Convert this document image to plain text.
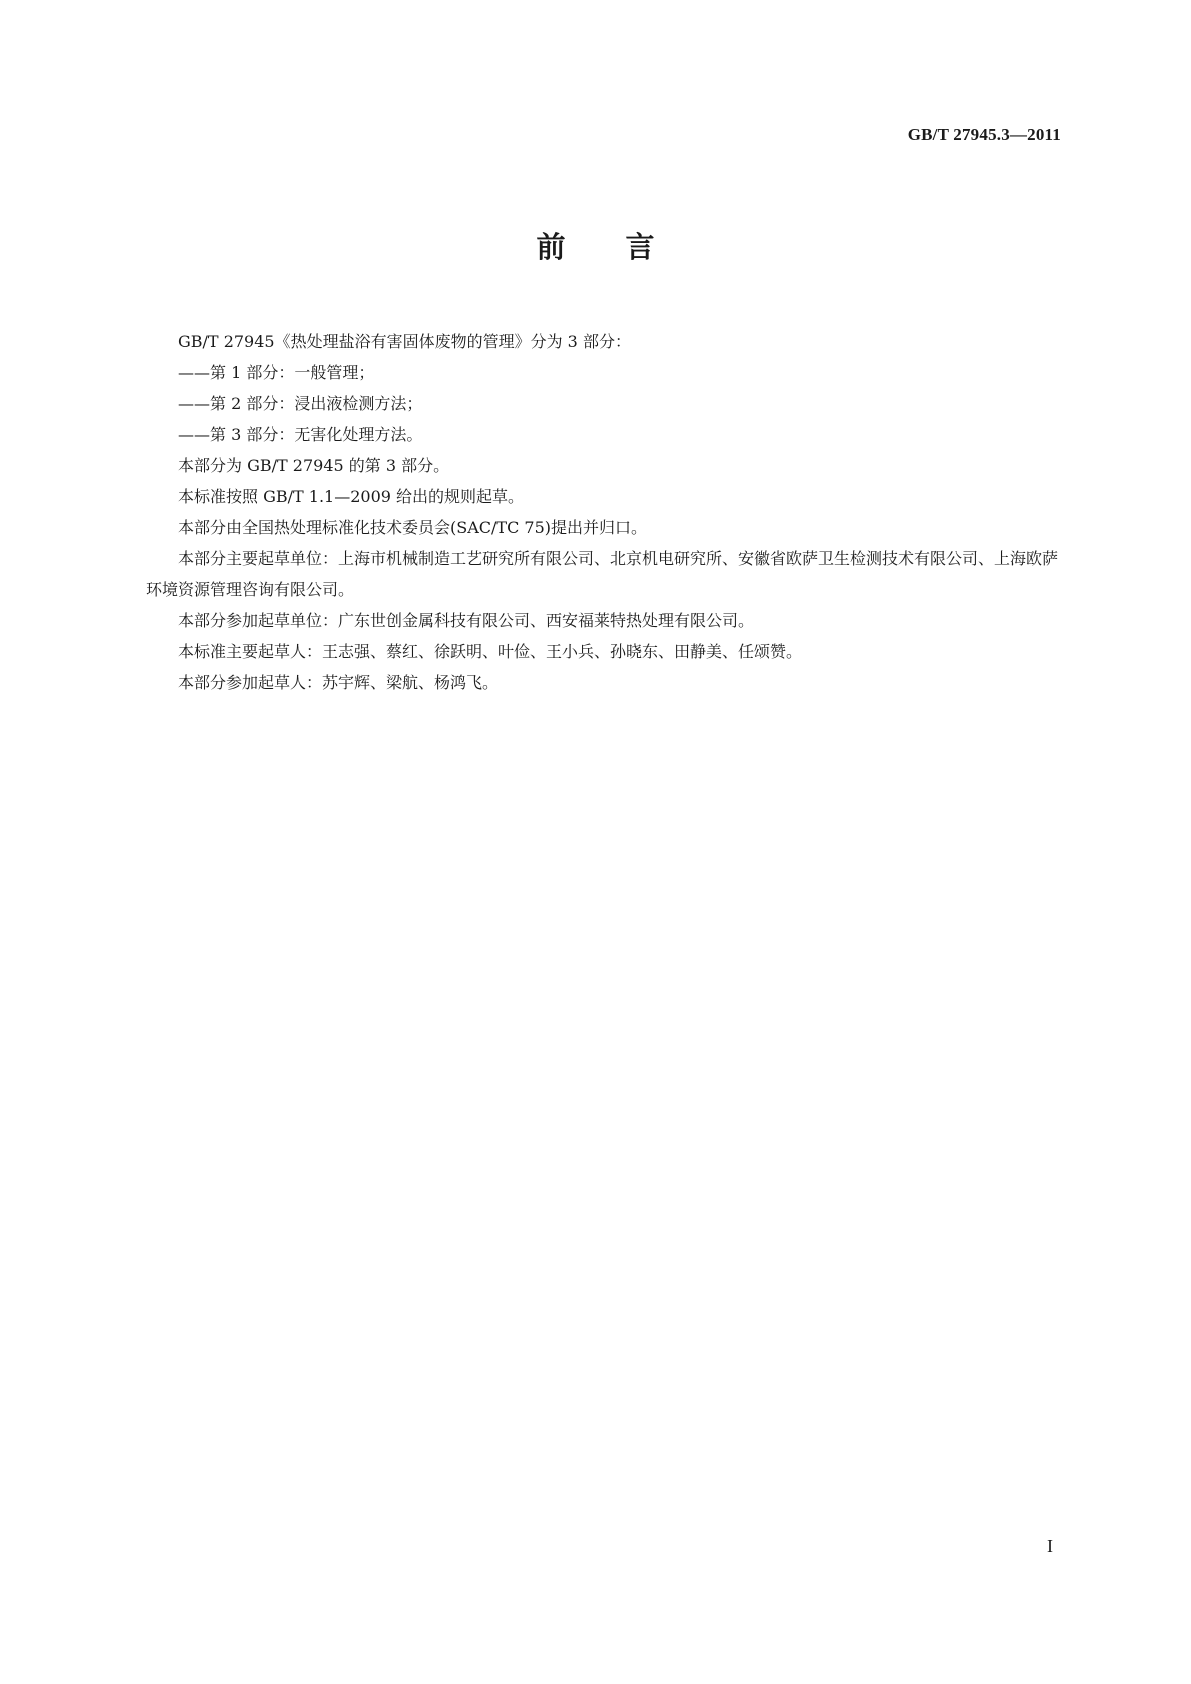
GB/T 27945.3—2011
前言

GB/T 27945《热处理盐浴有害固体废物的管理》分为 3 部分：

——第 1 部分：一般管理；

——第 2 部分：浸出液检测方法；

——第 3 部分：无害化处理方法。

本部分为 GB/T 27945 的第 3 部分。

本标准按照 GB/T 1.1—2009 给出的规则起草。

本部分由全国热处理标准化技术委员会(SAC/TC 75)提出并归口。

本部分主要起草单位：上海市机械制造工艺研究所有限公司、北京机电研究所、安徽省欧萨卫生检测技术有限公司、上海欧萨环境资源管理咨询有限公司。

本部分参加起草单位：广东世创金属科技有限公司、西安福莱特热处理有限公司。

本标准主要起草人：王志强、蔡红、徐跃明、叶俭、王小兵、孙晓东、田静美、任颂赞。

本部分参加起草人：苏宇辉、梁航、杨鸿飞。

I
